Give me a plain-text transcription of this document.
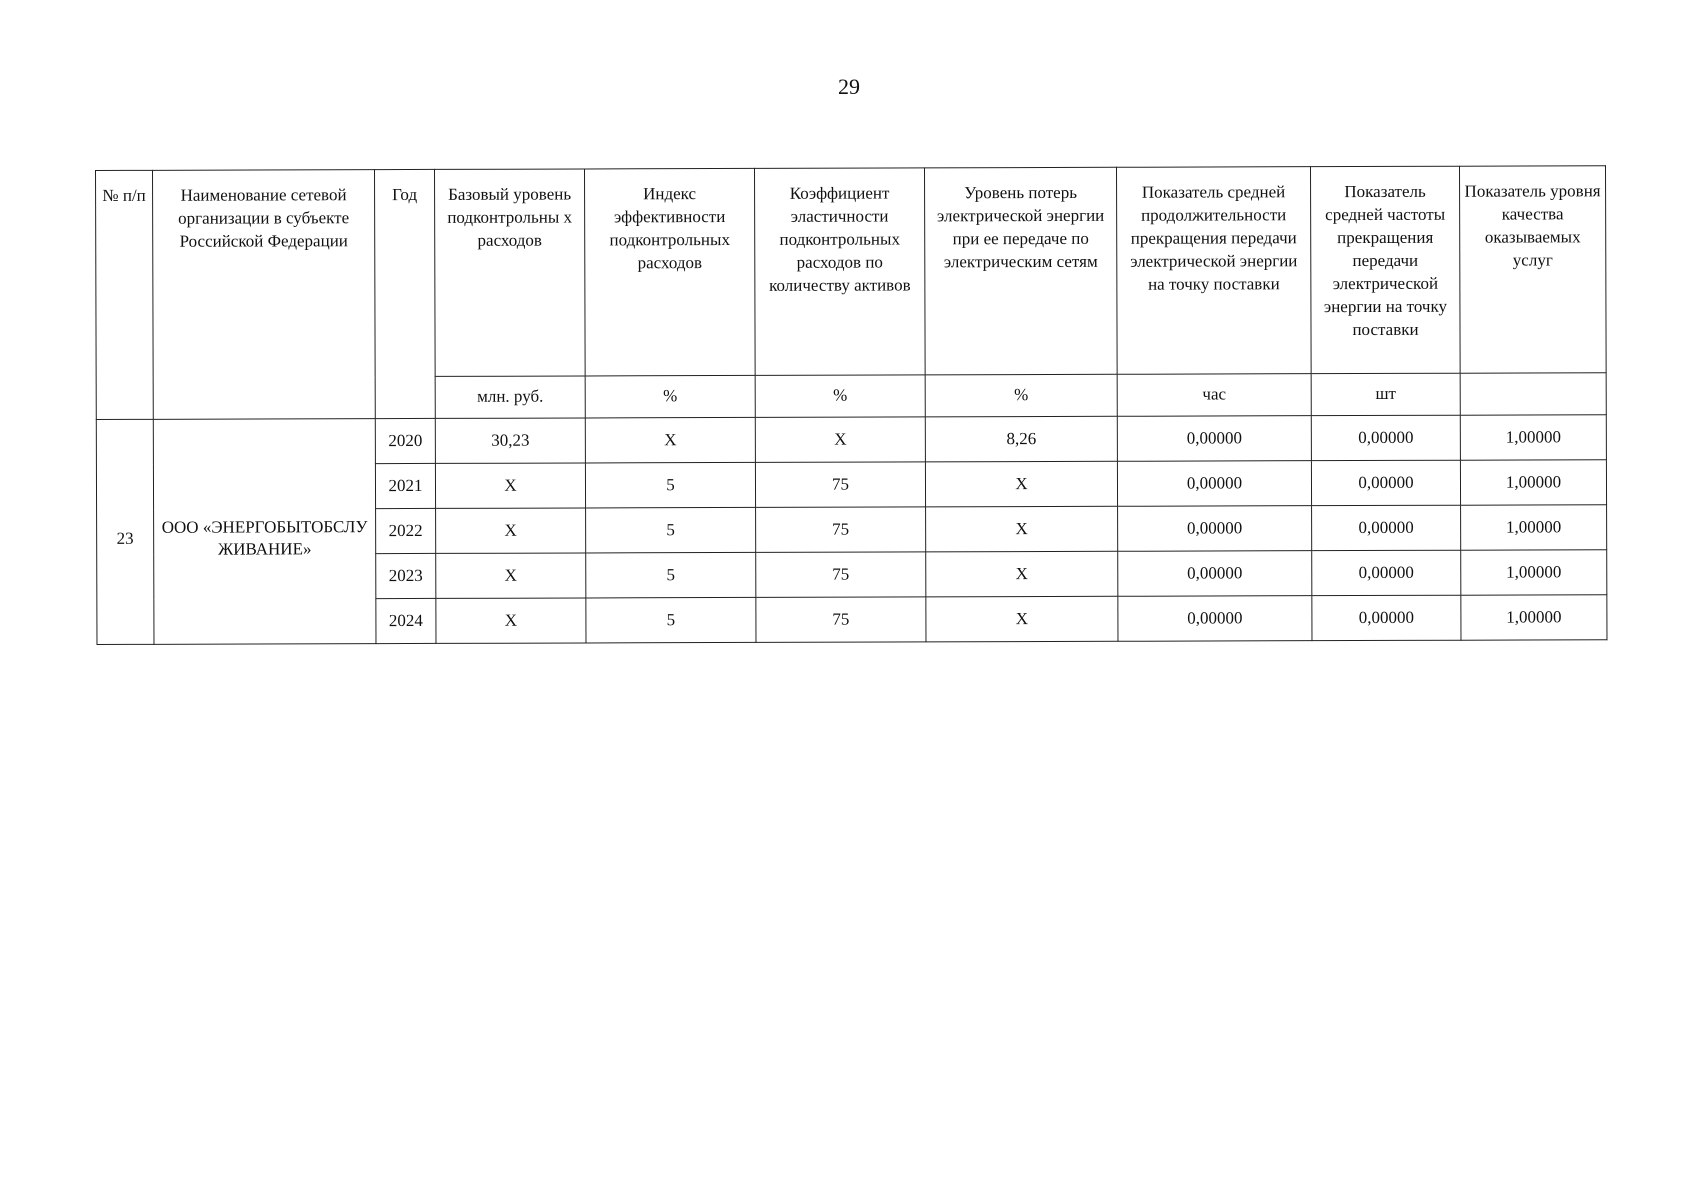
29
№ п/п	Наименование сетевой организации в субъекте Российской Федерации	Год	Базовый уровень подконтрольны х расходов	Индекс эффективности подконтрольных расходов	Коэффициент эластичности подконтрольных расходов по количеству активов	Уровень потерь электрической энергии при ее передаче по электрическим сетям	Показатель средней продолжительности прекращения передачи электрической энергии на точку поставки	Показатель средней частоты прекращения передачи электрической энергии на точку поставки	Показатель уровня качества оказываемых услуг
			млн. руб.	%	%	%	час	шт	
23	ООО «ЭНЕРГОБЫТОБСЛУ ЖИВАНИЕ»	2020	30,23	Х	Х	8,26	0,00000	0,00000	1,00000
		2021	Х	5	75	Х	0,00000	0,00000	1,00000
		2022	Х	5	75	Х	0,00000	0,00000	1,00000
		2023	Х	5	75	Х	0,00000	0,00000	1,00000
		2024	Х	5	75	Х	0,00000	0,00000	1,00000
